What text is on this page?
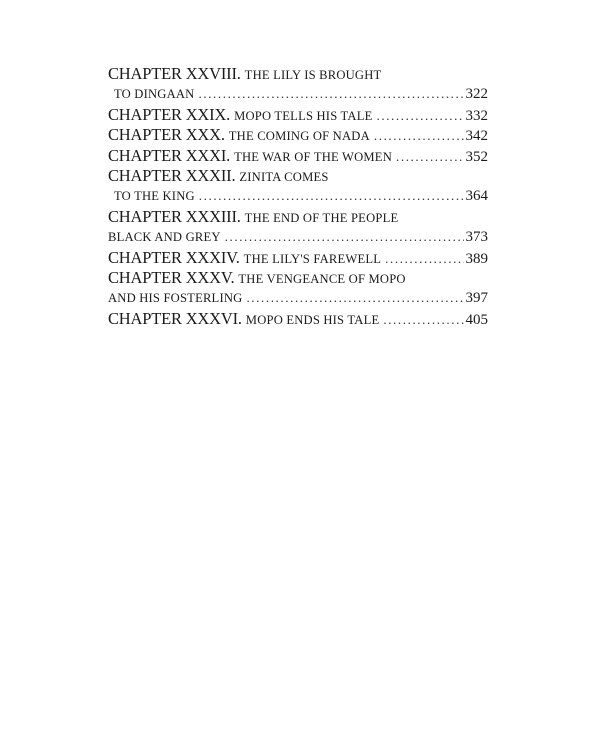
CHAPTER XXVIII. THE LILY IS BROUGHT
TO DINGAAN .....	322
CHAPTER XXIX. MOPO TELLS HIS TALE .....	332
CHAPTER XXX. THE COMING OF NADA .....	342
CHAPTER XXXI. THE WAR OF THE WOMEN .....	352
CHAPTER XXXII. ZINITA COMES
TO THE KING .....	364
CHAPTER XXXIII. THE END OF THE PEOPLE
BLACK AND GREY .....	373
CHAPTER XXXIV. THE LILY'S FAREWELL .....	389
CHAPTER XXXV. THE VENGEANCE OF MOPO
AND HIS FOSTERLING .....	397
CHAPTER XXXVI. MOPO ENDS HIS TALE .....	405
